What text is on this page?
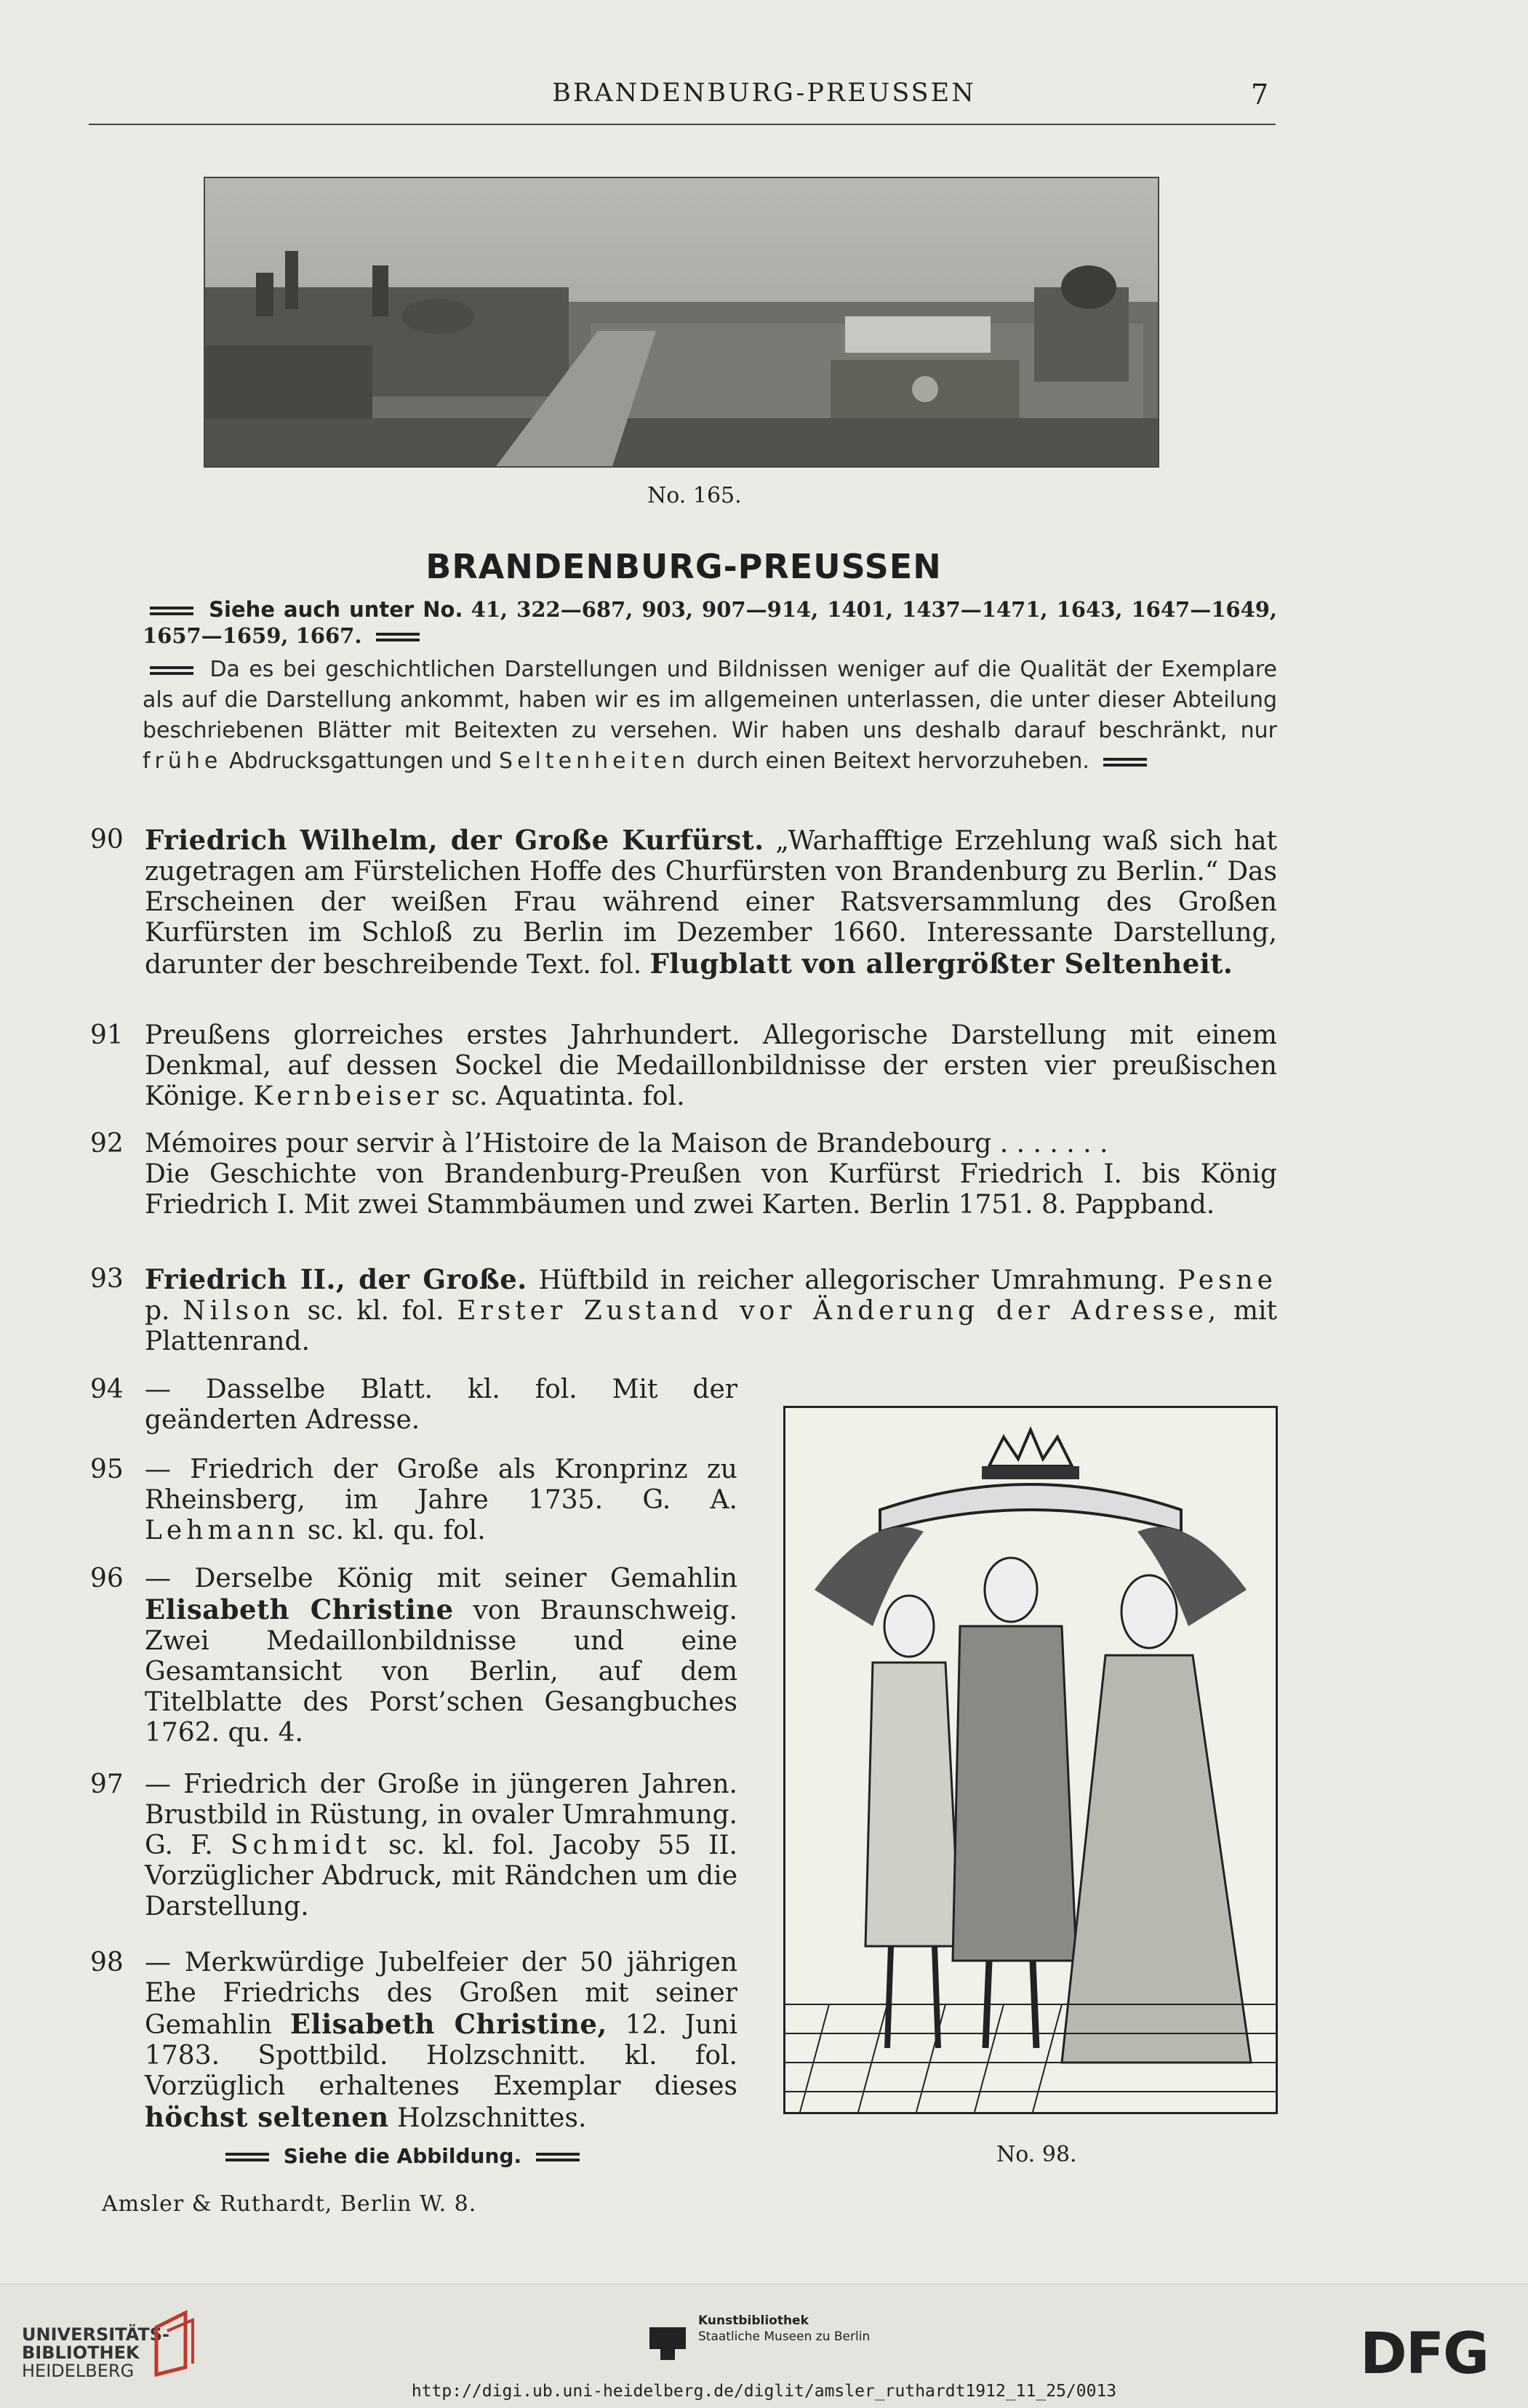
BRANDENBURG-PREUSSEN	7
No. 165.
BRANDENBURG-PREUSSEN
Siehe auch unter No. 41, 322—687, 903, 907—914, 1401, 1437—1471, 1643, 1647—1649, 1657—1659, 1667.
Da es bei geschichtlichen Darstellungen und Bildnissen weniger auf die Qualität der Exemplare als auf die Darstellung ankommt, haben wir es im allgemeinen unterlassen, die unter dieser Abteilung beschriebenen Blätter mit Beitexten zu versehen. Wir haben uns deshalb darauf beschränkt, nur frühe Abdrucksgattungen und Seltenheiten durch einen Beitext hervorzuheben.
90 Friedrich Wilhelm, der Große Kurfürst. „Warhafftige Erzehlung waß sich hat zugetragen am Fürstelichen Hoffe des Churfürsten von Brandenburg zu Berlin.“ Das Erscheinen der weißen Frau während einer Ratsversammlung des Großen Kurfürsten im Schloß zu Berlin im Dezember 1660. Interessante Darstellung, darunter der beschreibende Text. fol. Flugblatt von allergrößter Seltenheit.
91 Preußens glorreiches erstes Jahrhundert. Allegorische Darstellung mit einem Denkmal, auf dessen Sockel die Medaillonbildnisse der ersten vier preußischen Könige. Kernbeiser sc. Aquatinta. fol.
92 Mémoires pour servir à l’Histoire de la Maison de Brandebourg . . . . . . .
Die Geschichte von Brandenburg-Preußen von Kurfürst Friedrich I. bis König Friedrich I. Mit zwei Stammbäumen und zwei Karten. Berlin 1751. 8. Pappband.
93 Friedrich II., der Große. Hüftbild in reicher allegorischer Umrahmung. Pesne p. Nilson sc. kl. fol. Erster Zustand vor Änderung der Adresse, mit Plattenrand.
94 — Dasselbe Blatt. kl. fol. Mit der geänderten Adresse.
95 — Friedrich der Große als Kronprinz zu Rheinsberg, im Jahre 1735. G. A. Lehmann sc. kl. qu. fol.
96 — Derselbe König mit seiner Gemahlin Elisabeth Christine von Braunschweig. Zwei Medaillonbildnisse und eine Gesamtansicht von Berlin, auf dem Titelblatte des Porst’schen Gesangbuches 1762. qu. 4.
97 — Friedrich der Große in jüngeren Jahren. Brustbild in Rüstung, in ovaler Umrahmung. G. F. Schmidt sc. kl. fol. Jacoby 55 II. Vorzüglicher Abdruck, mit Rändchen um die Darstellung.
98 — Merkwürdige Jubelfeier der 50 jährigen Ehe Friedrichs des Großen mit seiner Gemahlin Elisabeth Christine, 12. Juni 1783. Spottbild. Holzschnitt. kl. fol. Vorzüglich erhaltenes Exemplar dieses höchst seltenen Holzschnittes.
Siehe die Abbildung.	No. 98.
Amsler & Ruthardt, Berlin W. 8.
UNIVERSITÄTS-
BIBLIOTHEK
HEIDELBERG
Kunstbibliothek
Staatliche Museen zu Berlin	DFG
http://digi.ub.uni-heidelberg.de/diglit/amsler_ruthardt1912_11_25/0013
